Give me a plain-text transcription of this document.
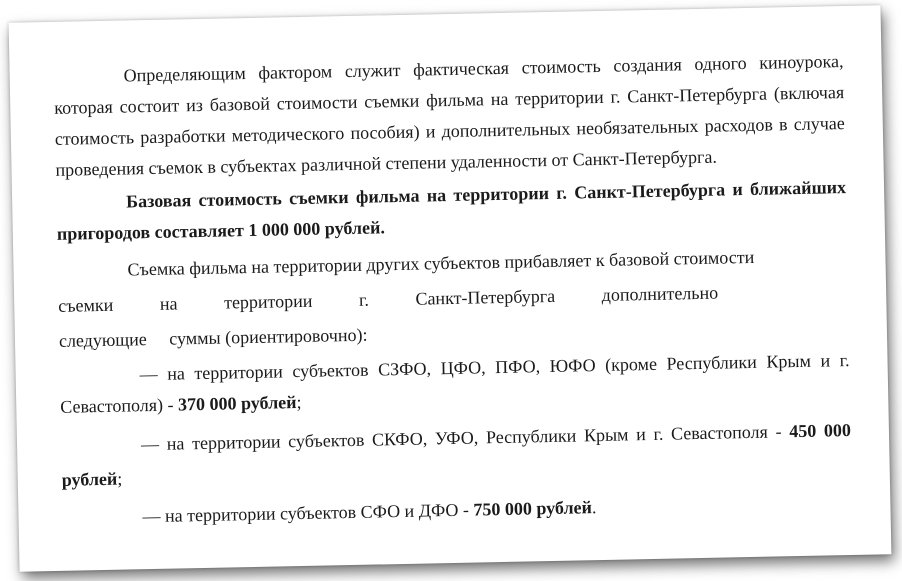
Определяющим фактором служит фактическая стоимость создания одного киноурока, которая состоит из базовой стоимости съемки фильма на территории г. Санкт-Петербурга (включая стоимость разработки методического пособия) и дополнительных необязательных расходов в случае проведения съемок в субъектах различной степени удаленности от Санкт-Петербурга.

Базовая стоимость съемки фильма на территории г. Санкт-Петербурга и ближайших пригородов составляет 1 000 000 рублей.

Съемка фильма на территории других субъектов прибавляет к базовой стоимости
съемки	на	территории	г.	Санкт-Петербурга	дополнительно
следующие суммы (ориентировочно):

— на территории субъектов СЗФО, ЦФО, ПФО, ЮФО (кроме Республики Крым и г. Севастополя) - 370 000 рублей;

— на территории субъектов СКФО, УФО, Республики Крым и г. Севастополя - 450 000 рублей;

— на территории субъектов СФО и ДФО - 750 000 рублей.
